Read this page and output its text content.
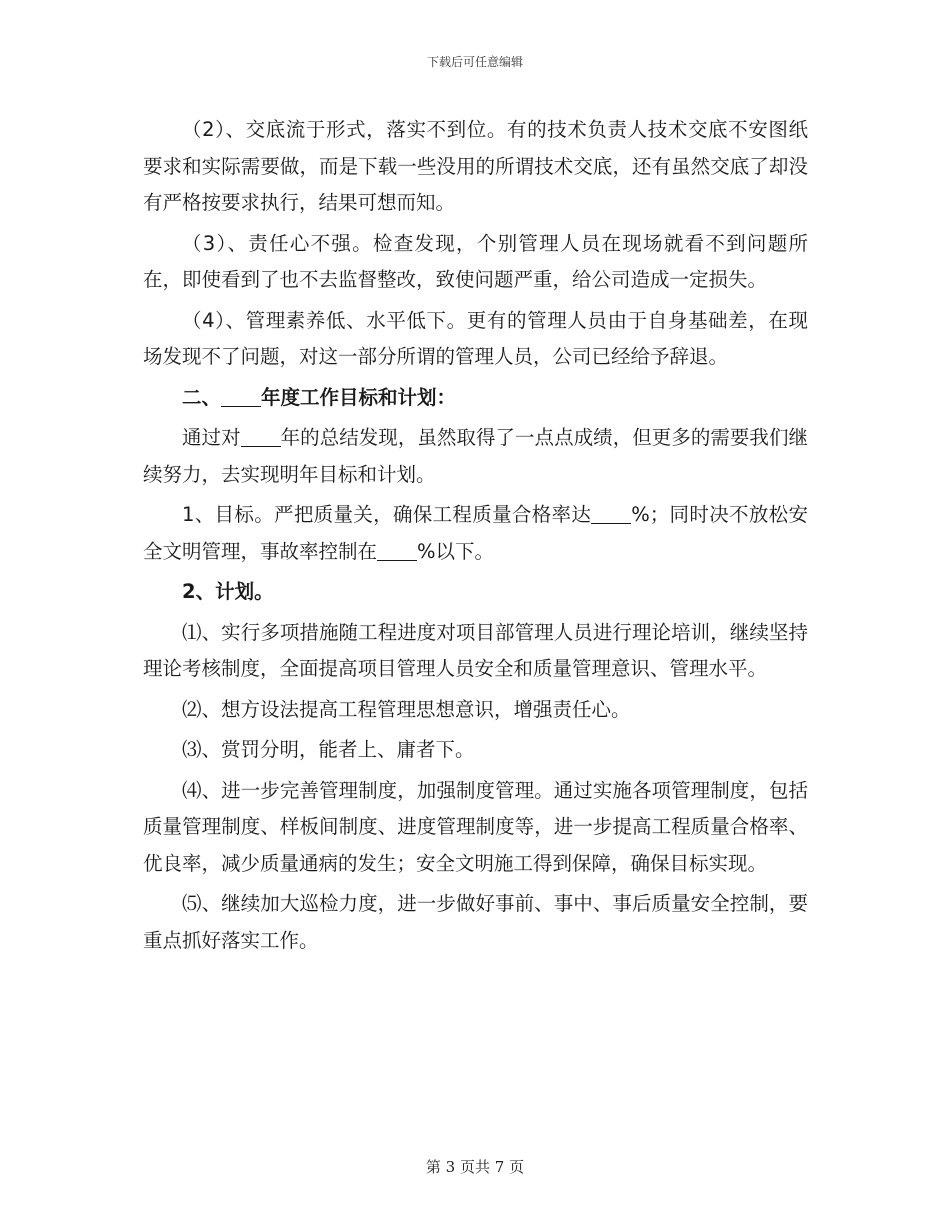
下载后可任意编辑

（2）、交底流于形式，落实不到位。有的技术负责人技术交底不安图纸要求和实际需要做，而是下载一些没用的所谓技术交底，还有虽然交底了却没有严格按要求执行，结果可想而知。

（3）、责任心不强。检查发现，个别管理人员在现场就看不到问题所在，即使看到了也不去监督整改，致使问题严重，给公司造成一定损失。

（4）、管理素养低、水平低下。更有的管理人员由于自身基础差，在现场发现不了问题，对这一部分所谓的管理人员，公司已经给予辞退。

二、 年度工作目标和计划：

通过对 年的总结发现，虽然取得了一点点成绩，但更多的需要我们继续努力，去实现明年目标和计划。

1、目标。严把质量关，确保工程质量合格率达 %；同时决不放松安全文明管理，事故率控制在 %以下。

2、计划。

⑴、实行多项措施随工程进度对项目部管理人员进行理论培训，继续坚持理论考核制度，全面提高项目管理人员安全和质量管理意识、管理水平。

⑵、想方设法提高工程管理思想意识，增强责任心。

⑶、赏罚分明，能者上、庸者下。

⑷、进一步完善管理制度，加强制度管理。通过实施各项管理制度，包括质量管理制度、样板间制度、进度管理制度等，进一步提高工程质量合格率、优良率，减少质量通病的发生；安全文明施工得到保障，确保目标实现。

⑸、继续加大巡检力度，进一步做好事前、事中、事后质量安全控制，要重点抓好落实工作。

第 3 页共 7 页
